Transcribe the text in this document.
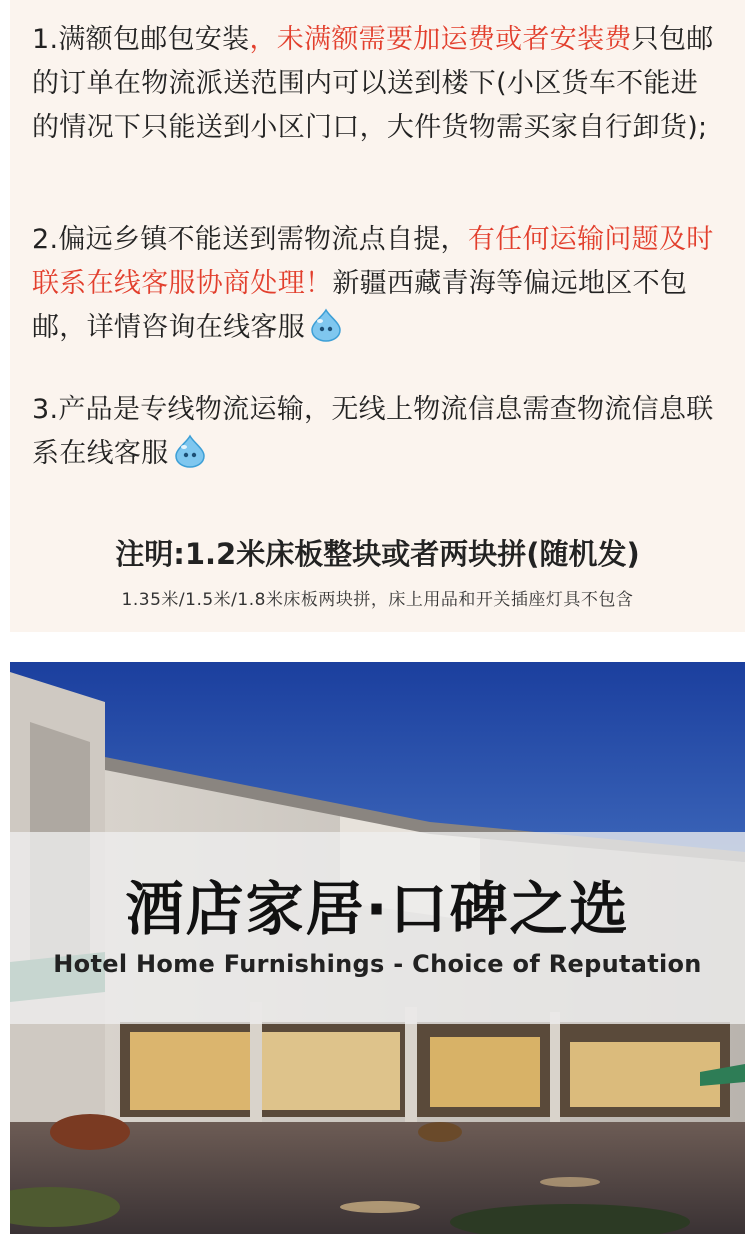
1.满额包邮包安装，未满额需要加运费或者安装费只包邮的订单在物流派送范围内可以送到楼下(小区货车不能进的情况下只能送到小区门口，大件货物需买家自行卸货);
2.偏远乡镇不能送到需物流点自提，有任何运输问题及时联系在线客服协商处理！新疆西藏青海等偏远地区不包邮，详情咨询在线客服
3.产品是专线物流运输，无线上物流信息需查物流信息联系在线客服
注明:1.2米床板整块或者两块拼(随机发)
1.35米/1.5米/1.8米床板两块拼，床上用品和开关插座灯具不包含
酒店家居·口碑之选
Hotel Home Furnishings - Choice of Reputation
